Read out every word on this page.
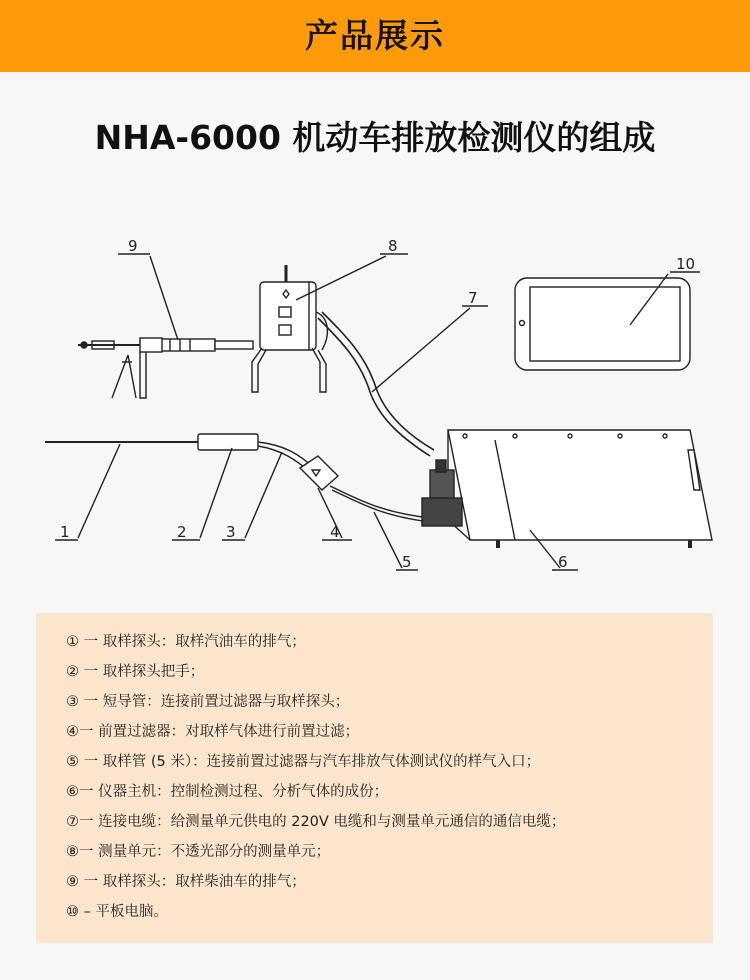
产品展示
NHA-6000 机动车排放检测仪的组成
1	2	3	4
5	6
7
8
9
10
① 一 取样探头：取样汽油车的排气；
② 一 取样探头把手；
③ 一 短导管：连接前置过滤器与取样探头；
④一 前置过滤器：对取样气体进行前置过滤；
⑤ 一 取样管 (5 米）：连接前置过滤器与汽车排放气体测试仪的样气入口；
⑥一 仪器主机：控制检测过程、分析气体的成份；
⑦一 连接电缆：给测量单元供电的 220V 电缆和与测量单元通信的通信电缆；
⑧一 测量单元：不透光部分的测量单元；
⑨ 一 取样探头：取样柴油车的排气；
⑩ – 平板电脑。
